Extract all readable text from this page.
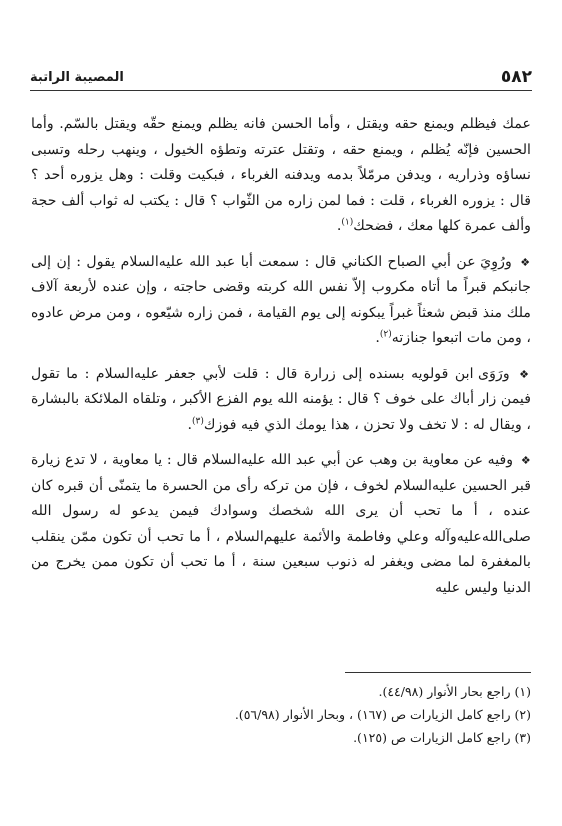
المصيبة الراتبة	٥٨٢

عمك فيظلم ويمنع حقه ويقتل ، وأما الحسن فانه يظلم ويمنع حقّه ويقتل بالسّم. وأما الحسين فإنّه يُظلم ، ويمنع حقه ، وتقتل عترته وتطؤه الخيول ، وينهب رحله وتسبى نساؤه وذراريه ، ويدفن مرمّلاً بدمه ويدفنه الغرباء ، فبكيت وقلت : وهل يزوره أحد ؟ قال : يزوره الغرباء ، قلت : فما لمن زاره من الثّواب ؟ قال : يكتب له ثواب ألف حجة وألف عمرة كلها معك ، فضحك$^{(١)}$.

❖ ورُوِيَ عن أبي الصباح الكناني قال : سمعت أبا عبد الله عليه‌السلام يقول : إن إلى جانبكم قبراً ما أتاه مكروب إلاّ نفس الله كربته وقضى حاجته ، وإن عنده لأربعة آلاف ملك منذ قبض شعثاً غبراً يبكونه إلى يوم القيامة ، فمن زاره شيّعوه ، ومن مرض عادوه ، ومن مات اتبعوا جنازته$^{(٢)}$.

❖ ورَوَى ابن قولويه بسنده إلى زرارة قال : قلت لأبي جعفر عليه‌السلام : ما تقول فيمن زار أباك على خوف ؟ قال : يؤمنه الله يوم الفزع الأكبر ، وتلقاه الملائكة بالبشارة ، ويقال له : لا تخف ولا تحزن ، هذا يومك الذي فيه فوزك$^{(٣)}$.

❖ وفيه عن معاوية بن وهب عن أبي عبد الله عليه‌السلام قال : يا معاوية ، لا تدع زيارة قبر الحسين عليه‌السلام لخوف ، فإن من تركه رأى من الحسرة ما يتمنّى أن قبره كان عنده ، أ ما تحب أن يرى الله شخصك وسوادك فيمن يدعو له رسول الله صلى‌الله‌عليه‌وآله وعلي وفاطمة والأئمة عليهم‌السلام ، أ ما تحب أن تكون ممّن ينقلب بالمغفرة لما مضى ويغفر له ذنوب سبعين سنة ، أ ما تحب أن تكون ممن يخرج من الدنيا وليس عليه

(١) راجع بحار الأنوار (٤٤/٩٨).
(٢) راجع كامل الزيارات ص (١٦٧) ، وبحار الأنوار (٥٦/٩٨).
(٣) راجع كامل الزيارات ص (١٢٥).
